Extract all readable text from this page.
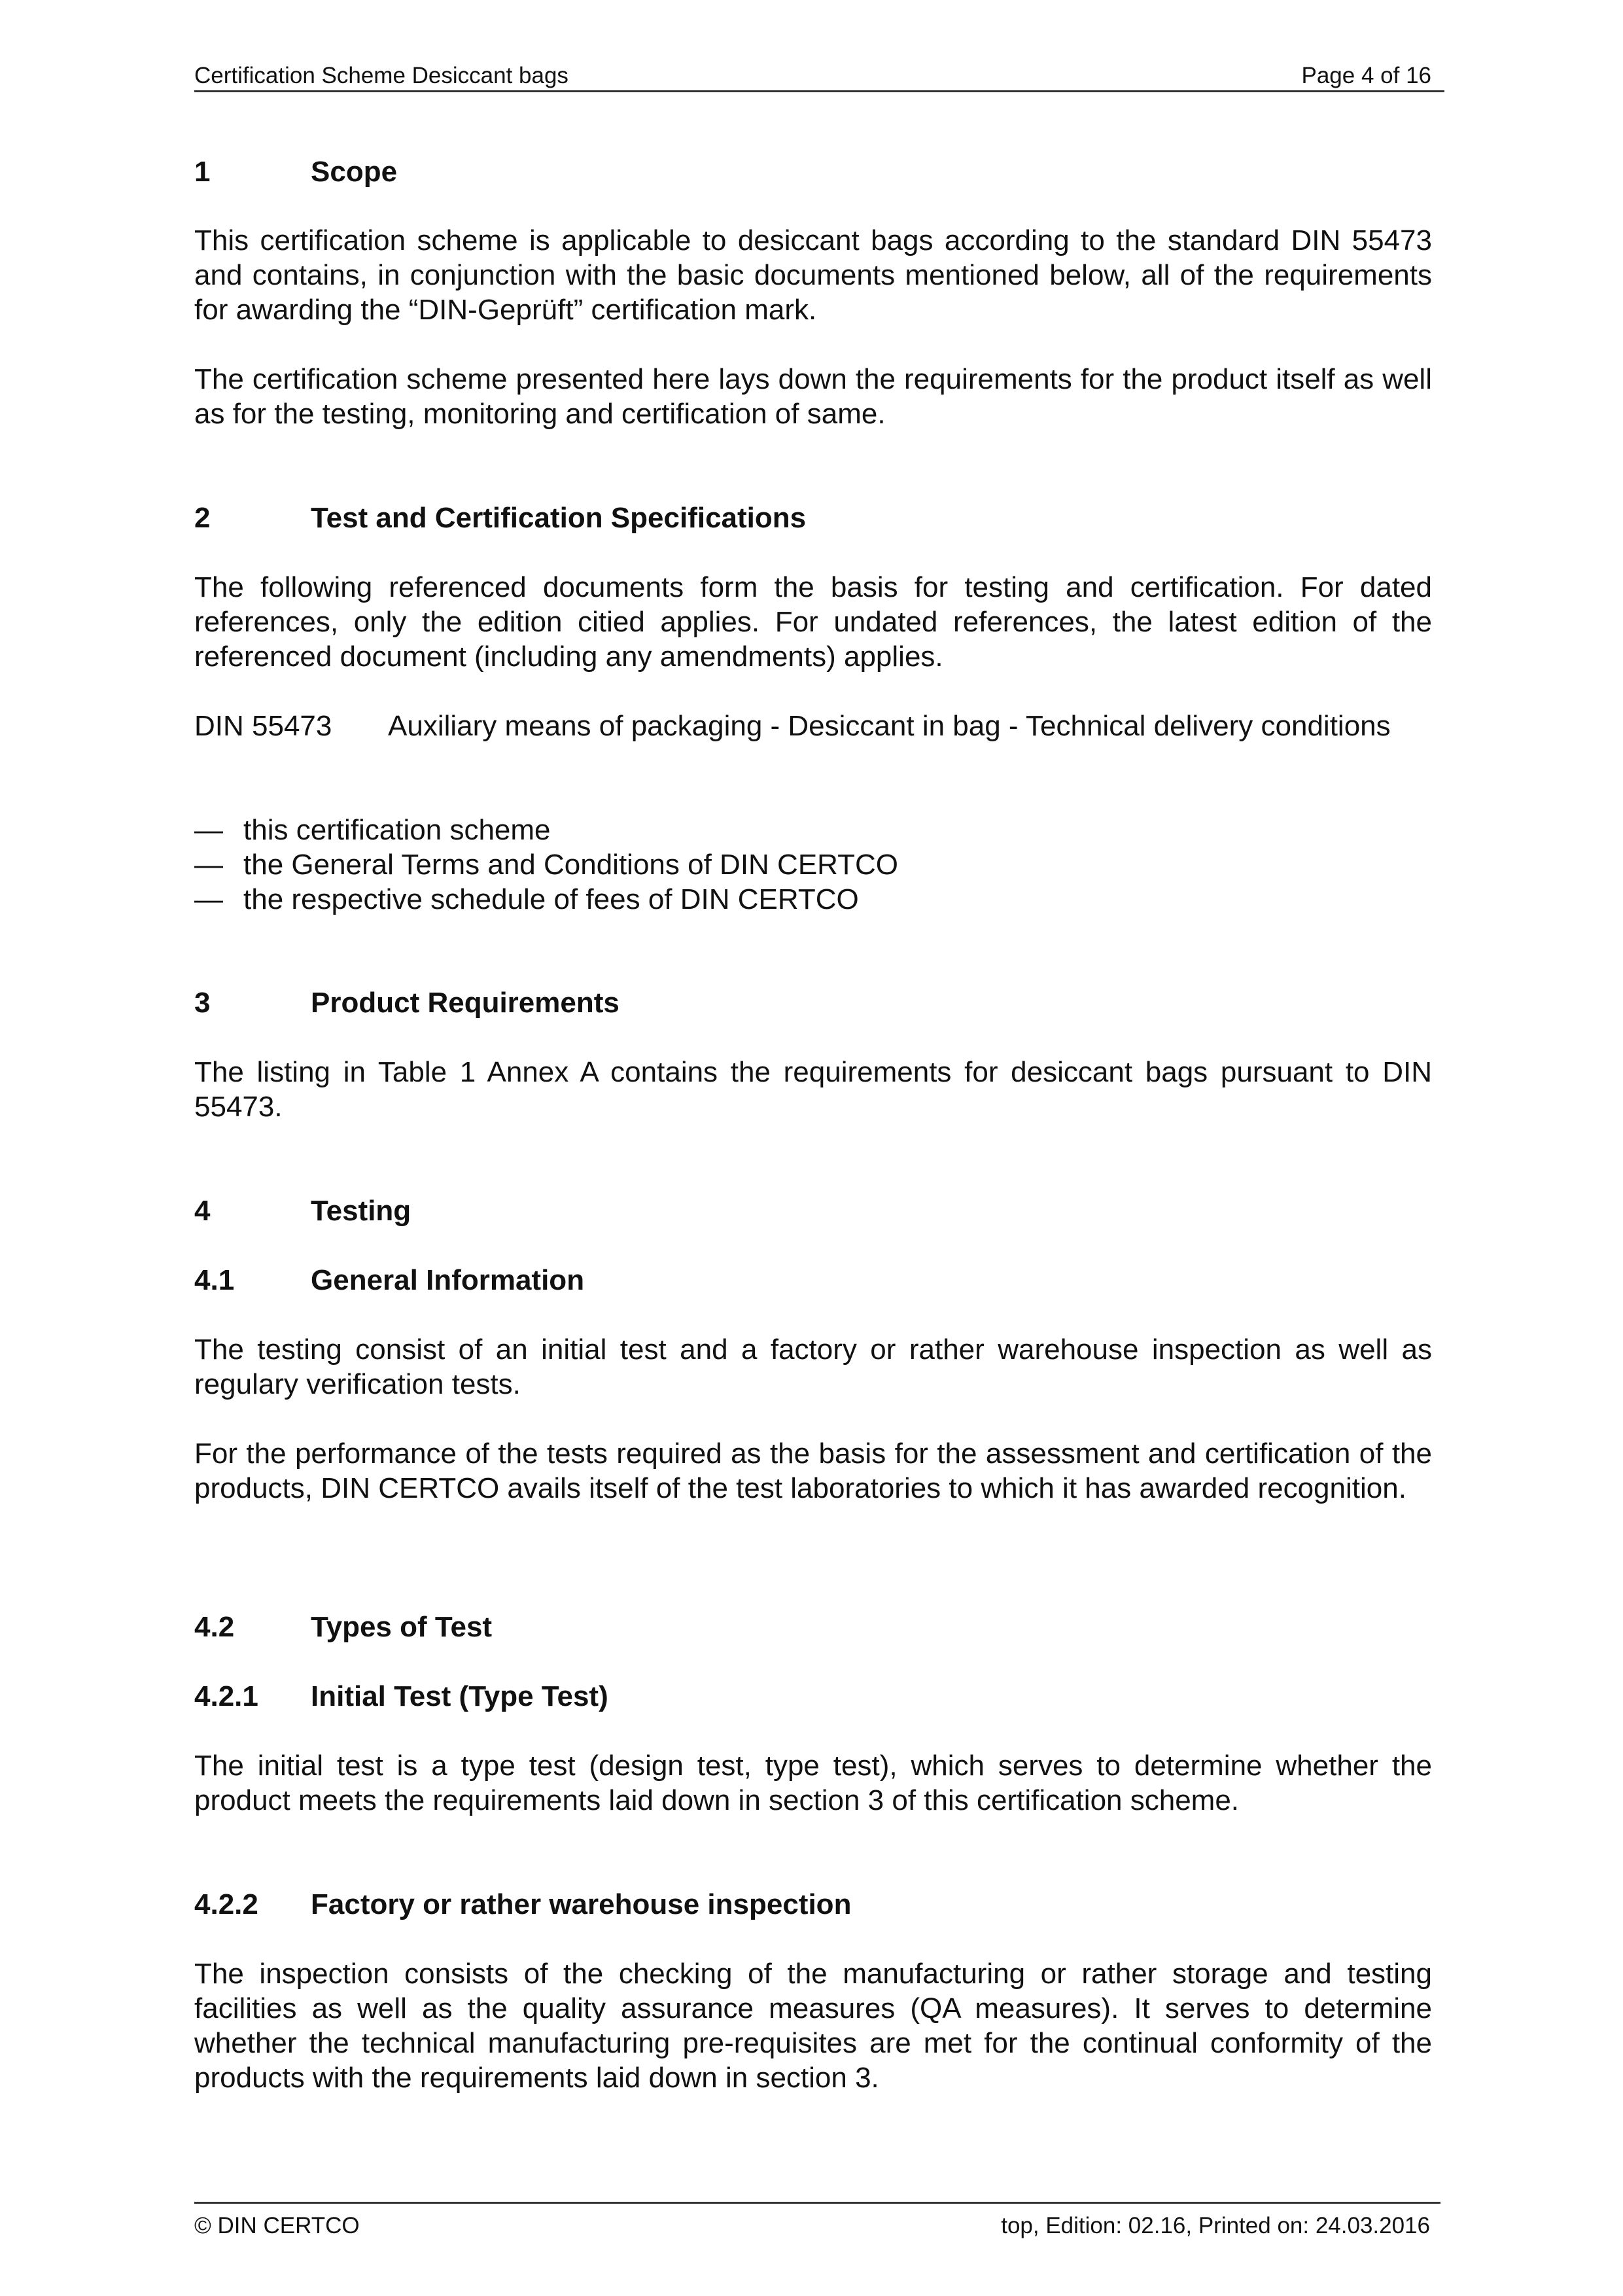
Certification Scheme Desiccant bags	Page 4 of 16
1	Scope

This certification scheme is applicable to desiccant bags according to the standard DIN 55473 and contains, in conjunction with the basic documents mentioned below, all of the requirements for awarding the “DIN-Geprüft” certification mark.

The certification scheme presented here lays down the requirements for the product itself as well as for the testing, monitoring and certification of same.

2	Test and Certification Specifications

The following referenced documents form the basis for testing and certification. For dated references, only the edition citied applies. For undated references, the latest edition of the referenced document (including any amendments) applies.

DIN 55473 Auxiliary means of packaging - Desiccant in bag - Technical delivery conditions

— this certification scheme
— the General Terms and Conditions of DIN CERTCO
— the respective schedule of fees of DIN CERTCO
3	Product Requirements

The listing in Table 1 Annex A contains the requirements for desiccant bags pursuant to DIN 55473.

4	Testing
4.1	General Information

The testing consist of an initial test and a factory or rather warehouse inspection as well as regulary verification tests.

For the performance of the tests required as the basis for the assessment and certification of the products, DIN CERTCO avails itself of the test laboratories to which it has awarded recognition.

4.2	Types of Test
4.2.1 Initial Test (Type Test)

The initial test is a type test (design test, type test), which serves to determine whether the product meets the requirements laid down in section 3 of this certification scheme.

4.2.2 Factory or rather warehouse inspection

The inspection consists of the checking of the manufacturing or rather storage and testing facilities as well as the quality assurance measures (QA measures). It serves to determine whether the technical manufacturing pre-requisites are met for the continual conformity of the products with the requirements laid down in section 3.

© DIN CERTCO	top, Edition: 02.16, Printed on: 24.03.2016
